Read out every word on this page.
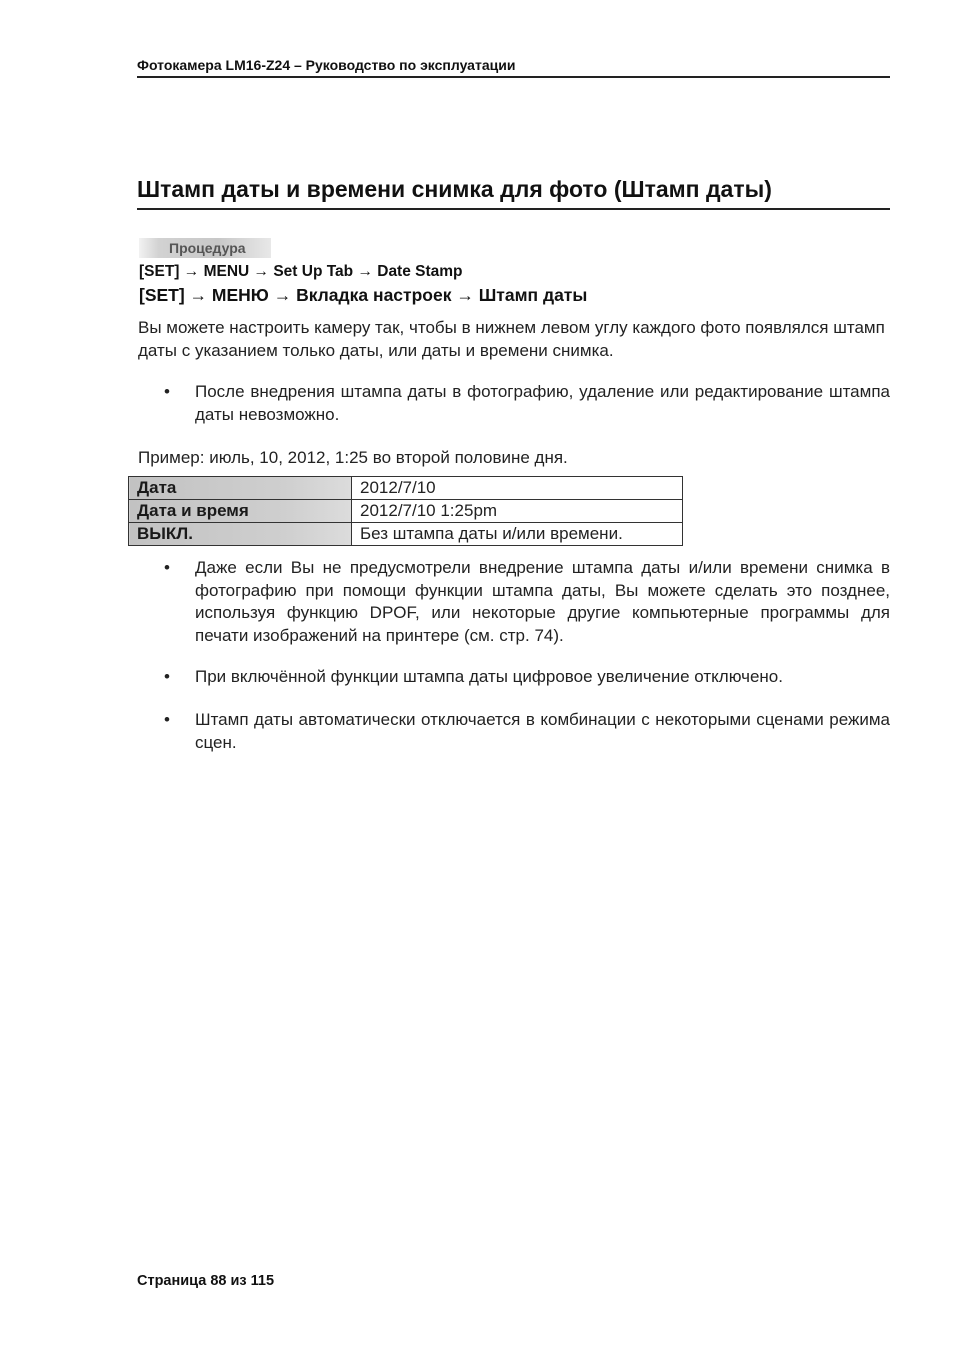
Фотокамера LM16-Z24 – Руководство по эксплуатации
Штамп даты и времени снимка для фото (Штамп даты)
Процедура
[SET] → MENU → Set Up Tab → Date Stamp
[SET] → МЕНЮ → Вкладка настроек → Штамп даты
Вы можете настроить камеру так, чтобы в нижнем левом углу каждого фото появлялся штамп даты с указанием только даты, или даты и времени снимка.
• После внедрения штампа даты в фотографию, удаление или редактирование штампа даты невозможно.
Пример: июль, 10, 2012, 1:25 во второй половине дня.
Дата	2012/7/10
Дата и время	2012/7/10 1:25pm
ВЫКЛ.	Без штампа даты и/или времени.
• Даже если Вы не предусмотрели внедрение штампа даты и/или времени снимка в фотографию при помощи функции штампа даты, Вы можете сделать это позднее, используя функцию DPOF, или некоторые другие компьютерные программы для печати изображений на принтере (см. стр. 74).
• При включённой функции штампа даты цифровое увеличение отключено.
• Штамп даты автоматически отключается в комбинации с некоторыми сценами режима сцен.
Страница 88 из 115
